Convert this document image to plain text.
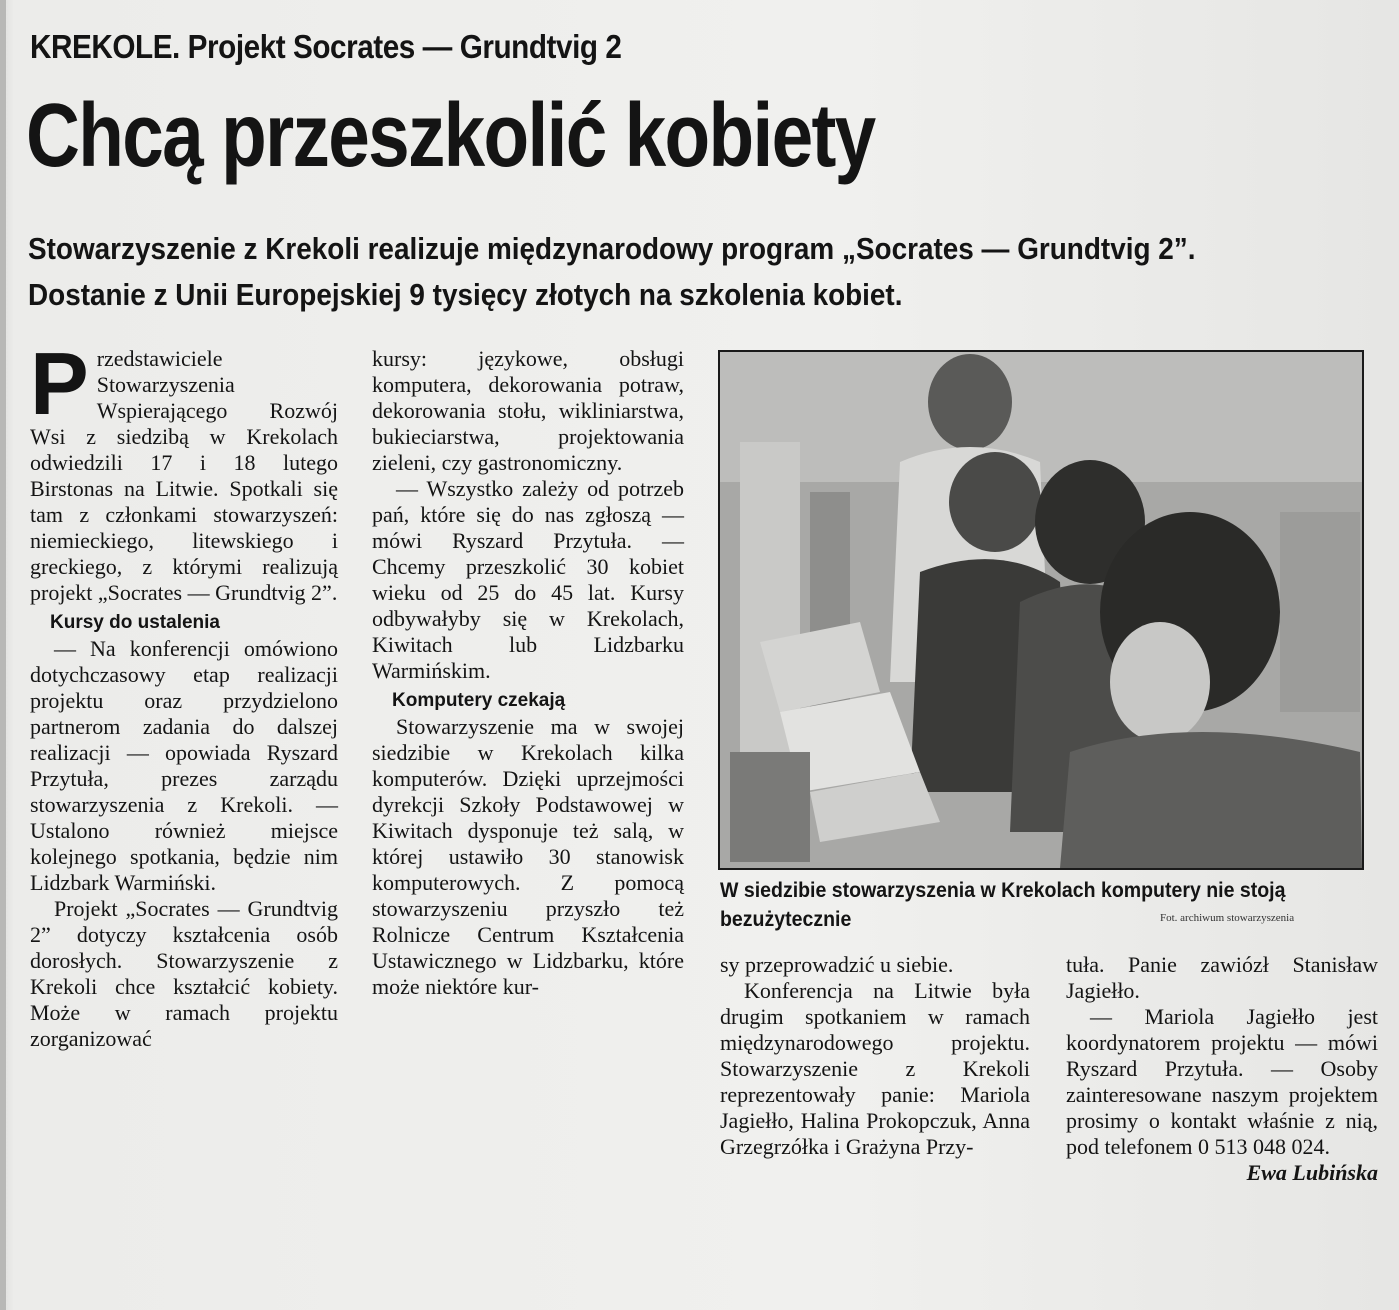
KREKOLE. Projekt Socrates — Grundtvig 2
Chcą przeszkolić kobiety

Stowarzyszenie z Krekoli realizuje międzynarodowy program „Socrates — Grundtvig 2”. Dostanie z Unii Europejskiej 9 tysięcy złotych na szkolenia kobiet.

Przedstawiciele Stowarzyszenia Wspierającego Rozwój Wsi z siedzibą w Krekolach odwiedzili 17 i 18 lutego Birstonas na Litwie. Spotkali się tam z członkami stowarzyszeń: niemieckiego, litewskiego i greckiego, z którymi realizują projekt „Socrates — Grundtvig 2”.

Kursy do ustalenia

— Na konferencji omówiono dotychczasowy etap realizacji projektu oraz przydzielono partnerom zadania do dalszej realizacji — opowiada Ryszard Przytuła, prezes zarządu stowarzyszenia z Krekoli. — Ustalono również miejsce kolejnego spotkania, będzie nim Lidzbark Warmiński.

Projekt „Socrates — Grundtvig 2” dotyczy kształcenia osób dorosłych. Stowarzyszenie z Krekoli chce kształcić kobiety. Może w ramach projektu zorganizować

kursy: językowe, obsługi komputera, dekorowania potraw, dekorowania stołu, wikliniarstwa, bukieciarstwa, projektowania zieleni, czy gastronomiczny.

— Wszystko zależy od potrzeb pań, które się do nas zgłoszą — mówi Ryszard Przytuła. — Chcemy przeszkolić 30 kobiet wieku od 25 do 45 lat. Kursy odbywałyby się w Krekolach, Kiwitach lub Lidzbarku Warmińskim.

Komputery czekają

Stowarzyszenie ma w swojej siedzibie w Krekolach kilka komputerów. Dzięki uprzejmości dyrekcji Szkoły Podstawowej w Kiwitach dysponuje też salą, w której ustawiło 30 stanowisk komputerowych. Z pomocą stowarzyszeniu przyszło też Rolnicze Centrum Kształcenia Ustawicznego w Lidzbarku, które może niektóre kur-

W siedzibie stowarzyszenia w Krekolach komputery nie stoją bezużytecznie	Fot. archiwum stowarzyszenia

sy przeprowadzić u siebie.

Konferencja na Litwie była drugim spotkaniem w ramach międzynarodowego projektu. Stowarzyszenie z Krekoli reprezentowały panie: Mariola Jagiełło, Halina Prokopczuk, Anna Grzegrzółka i Grażyna Przy-

tuła. Panie zawiózł Stanisław Jagiełło.

— Mariola Jagiełło jest koordynatorem projektu — mówi Ryszard Przytuła. — Osoby zainteresowane naszym projektem prosimy o kontakt właśnie z nią, pod telefonem 0 513 048 024.

Ewa Lubińska
